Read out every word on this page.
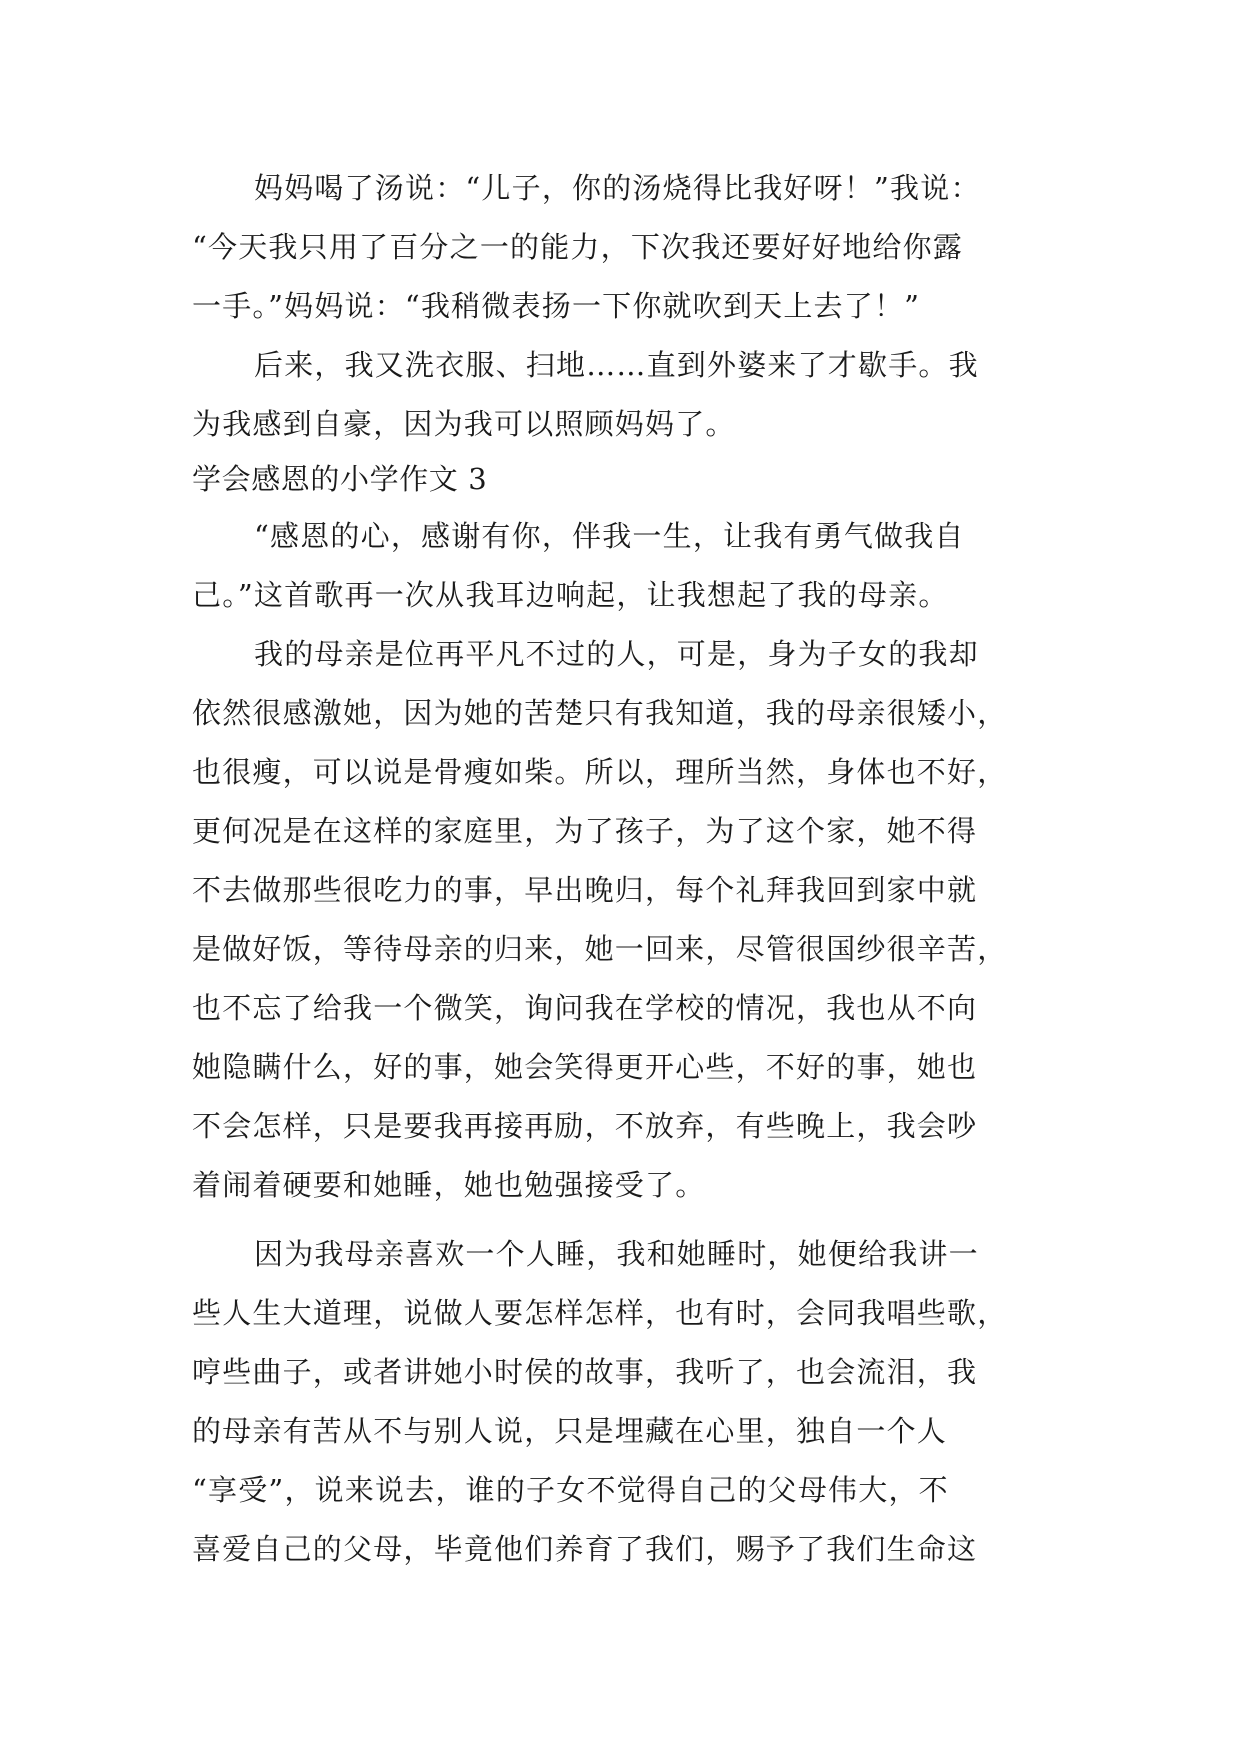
妈妈喝了汤说：“儿子，你的汤烧得比我好呀！”我说：
“今天我只用了百分之一的能力，下次我还要好好地给你露
一手。”妈妈说：“我稍微表扬一下你就吹到天上去了！”
后来，我又洗衣服、扫地……直到外婆来了才歇手。我
为我感到自豪，因为我可以照顾妈妈了。
学会感恩的小学作文 3
“感恩的心，感谢有你，伴我一生，让我有勇气做我自
己。”这首歌再一次从我耳边响起，让我想起了我的母亲。
我的母亲是位再平凡不过的人，可是，身为子女的我却
依然很感激她，因为她的苦楚只有我知道，我的母亲很矮小，
也很瘦，可以说是骨瘦如柴。所以，理所当然，身体也不好，
更何况是在这样的家庭里，为了孩子，为了这个家，她不得
不去做那些很吃力的事，早出晚归，每个礼拜我回到家中就
是做好饭，等待母亲的归来，她一回来，尽管很国纱很辛苦，
也不忘了给我一个微笑，询问我在学校的情况，我也从不向
她隐瞒什么，好的事，她会笑得更开心些，不好的事，她也
不会怎样，只是要我再接再励，不放弃，有些晚上，我会吵
着闹着硬要和她睡，她也勉强接受了。
因为我母亲喜欢一个人睡，我和她睡时，她便给我讲一
些人生大道理，说做人要怎样怎样，也有时，会同我唱些歌，
哼些曲子，或者讲她小时侯的故事，我听了，也会流泪，我
的母亲有苦从不与别人说，只是埋藏在心里，独自一个人
“享受”，说来说去，谁的子女不觉得自己的父母伟大，不
喜爱自己的父母，毕竟他们养育了我们，赐予了我们生命这
